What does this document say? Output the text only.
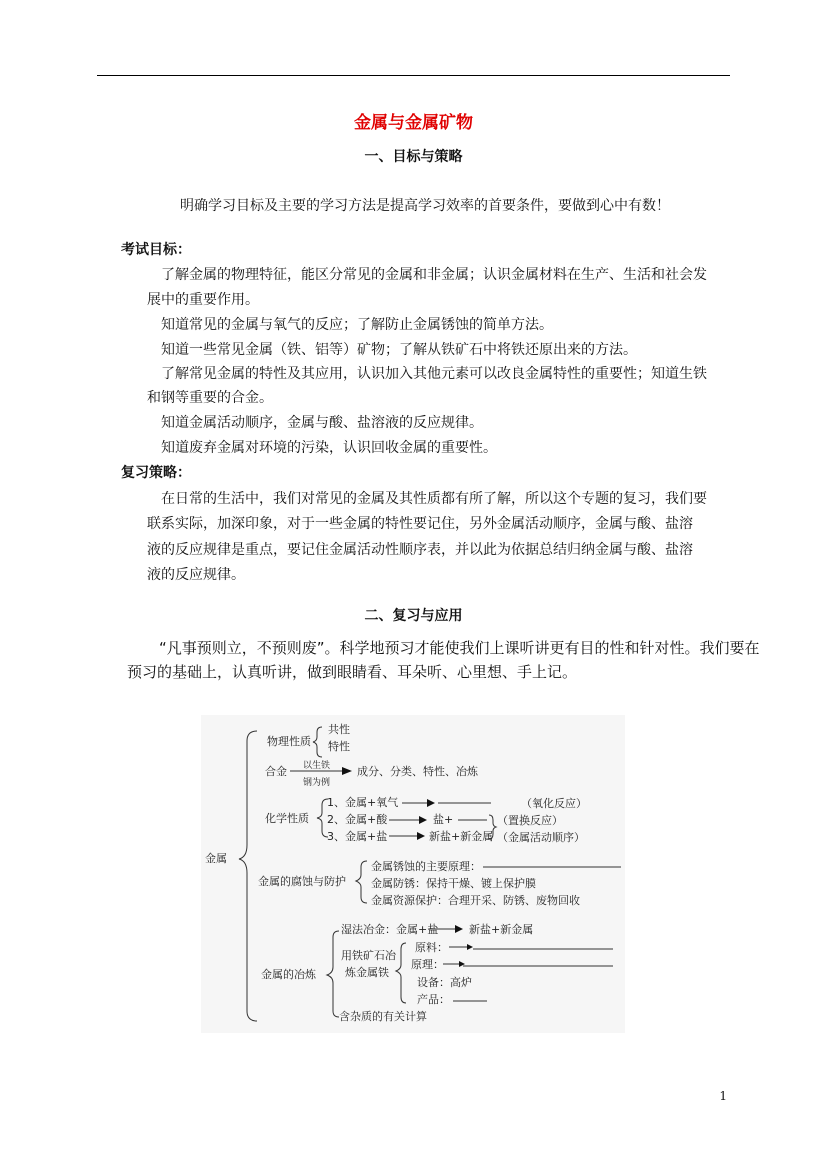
金属与金属矿物
一、目标与策略
明确学习目标及主要的学习方法是提高学习效率的首要条件，要做到心中有数！
考试目标：
了解金属的物理特征，能区分常见的金属和非金属；认识金属材料在生产、生活和社会发
展中的重要作用。
知道常见的金属与氧气的反应；了解防止金属锈蚀的简单方法。
知道一些常见金属（铁、铝等）矿物；了解从铁矿石中将铁还原出来的方法。
了解常见金属的特性及其应用，认识加入其他元素可以改良金属特性的重要性；知道生铁
和钢等重要的合金。
知道金属活动顺序，金属与酸、盐溶液的反应规律。
知道废弃金属对环境的污染，认识回收金属的重要性。
复习策略：
在日常的生活中，我们对常见的金属及其性质都有所了解，所以这个专题的复习，我们要
联系实际，加深印象，对于一些金属的特性要记住，另外金属活动顺序，金属与酸、盐溶
液的反应规律是重点，要记住金属活动性顺序表，并以此为依据总结归纳金属与酸、盐溶
液的反应规律。
二、复习与应用
“凡事预则立，不预则废”。科学地预习才能使我们上课听讲更有目的性和针对性。我们要在
预习的基础上，认真听讲，做到眼睛看、耳朵听、心里想、手上记。
金属
物理性质
共性
特性
合金 以生铁
钢为例
成分、分类、特性、冶炼
化学性质
1、金属+氧气
2、金属+酸
3、金属+盐
盐+
新盐+新金属
（氧化反应）
（置换反应）
（金属活动顺序）
金属的腐蚀与防护
金属锈蚀的主要原理：
金属防锈：保持干燥、镀上保护膜
金属资源保护：合理开采、防锈、废物回收
金属的冶炼
湿法冶金：金属+盐	新盐+新金属
用铁矿石冶
炼金属铁
原料：
原理：
设备：高炉
产品：
含杂质的有关计算
1
